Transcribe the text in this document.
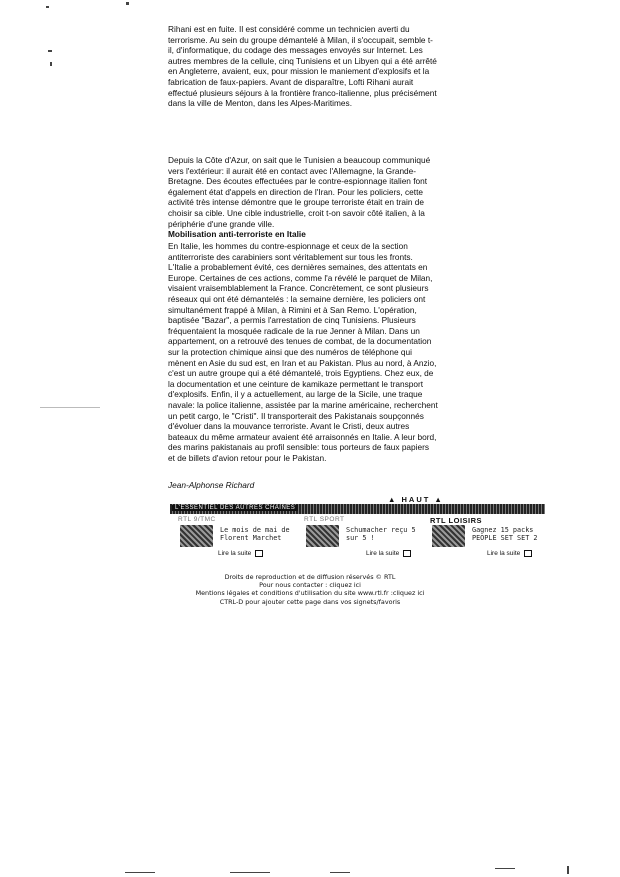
Rihani est en fuite. Il est considéré comme un technicien averti du terrorisme. Au sein du groupe démantelé à Milan, il s'occupait, semble t-il, d'informatique, du codage des messages envoyés sur Internet. Les autres membres de la cellule, cinq Tunisiens et un Libyen qui a été arrêté en Angleterre, avaient, eux, pour mission le maniement d'explosifs et la fabrication de faux-papiers. Avant de disparaître, Lofti Rihani aurait effectué plusieurs séjours à la frontière franco-italienne, plus précisément dans la ville de Menton, dans les Alpes-Maritimes.
Depuis la Côte d'Azur, on sait que le Tunisien a beaucoup communiqué vers l'extérieur: il aurait été en contact avec l'Allemagne, la Grande-Bretagne. Des écoutes effectuées par le contre-espionnage italien font également état d'appels en direction de l'Iran. Pour les policiers, cette activité très intense démontre que le groupe terroriste était en train de choisir sa cible. Une cible industrielle, croit t-on savoir côté italien, à la périphérie d'une grande ville.
Mobilisation anti-terroriste en Italie
En Italie, les hommes du contre-espionnage et ceux de la section antiterroriste des carabiniers sont véritablement sur tous les fronts. L'Italie a probablement évité, ces dernières semaines, des attentats en Europe. Certaines de ces actions, comme l'a révélé le parquet de Milan, visaient vraisemblablement la France. Concrètement, ce sont plusieurs réseaux qui ont été démantelés : la semaine dernière, les policiers ont simultanément frappé à Milan, à Rimini et à San Remo. L'opération, baptisée "Bazar", a permis l'arrestation de cinq Tunisiens. Plusieurs fréquentaient la mosquée radicale de la rue Jenner à Milan. Dans un appartement, on a retrouvé des tenues de combat, de la documentation sur la protection chimique ainsi que des numéros de téléphone qui mènent en Asie du sud est, en Iran et au Pakistan. Plus au nord, à Anzio, c'est un autre groupe qui a été démantelé, trois Egyptiens. Chez eux, de la documentation et une ceinture de kamikaze permettant le transport d'explosifs. Enfin, il y a actuellement, au large de la Sicile, une traque navale: la police italienne, assistée par la marine américaine, recherchent un petit cargo, le "Cristi". Il transporterait des Pakistanais soupçonnés d'évoluer dans la mouvance terroriste. Avant le Cristi, deux autres bateaux du même armateur avaient été arraisonnés en Italie. A leur bord, des marins pakistanais au profil sensible: tous porteurs de faux papiers et de billets d'avion retour pour le Pakistan.
Jean-Alphonse Richard
▲ HAUT ▲
L'ESSENTIEL DES AUTRES CHAINES
RTL 9/TMC
Le mois de mai de Florent Marchet
Lire la suite
RTL SPORT
Schumacher reçu 5 sur 5 !
Lire la suite
RTL LOISIRS
Gagnez 15 packs PEOPLE SET SET 2
Lire la suite
Droits de reproduction et de diffusion réservés © RTL
Pour nous contacter : cliquez ici
Mentions légales et conditions d'utilisation du site www.rtl.fr :cliquez ici
CTRL-D pour ajouter cette page dans vos signets/favoris
